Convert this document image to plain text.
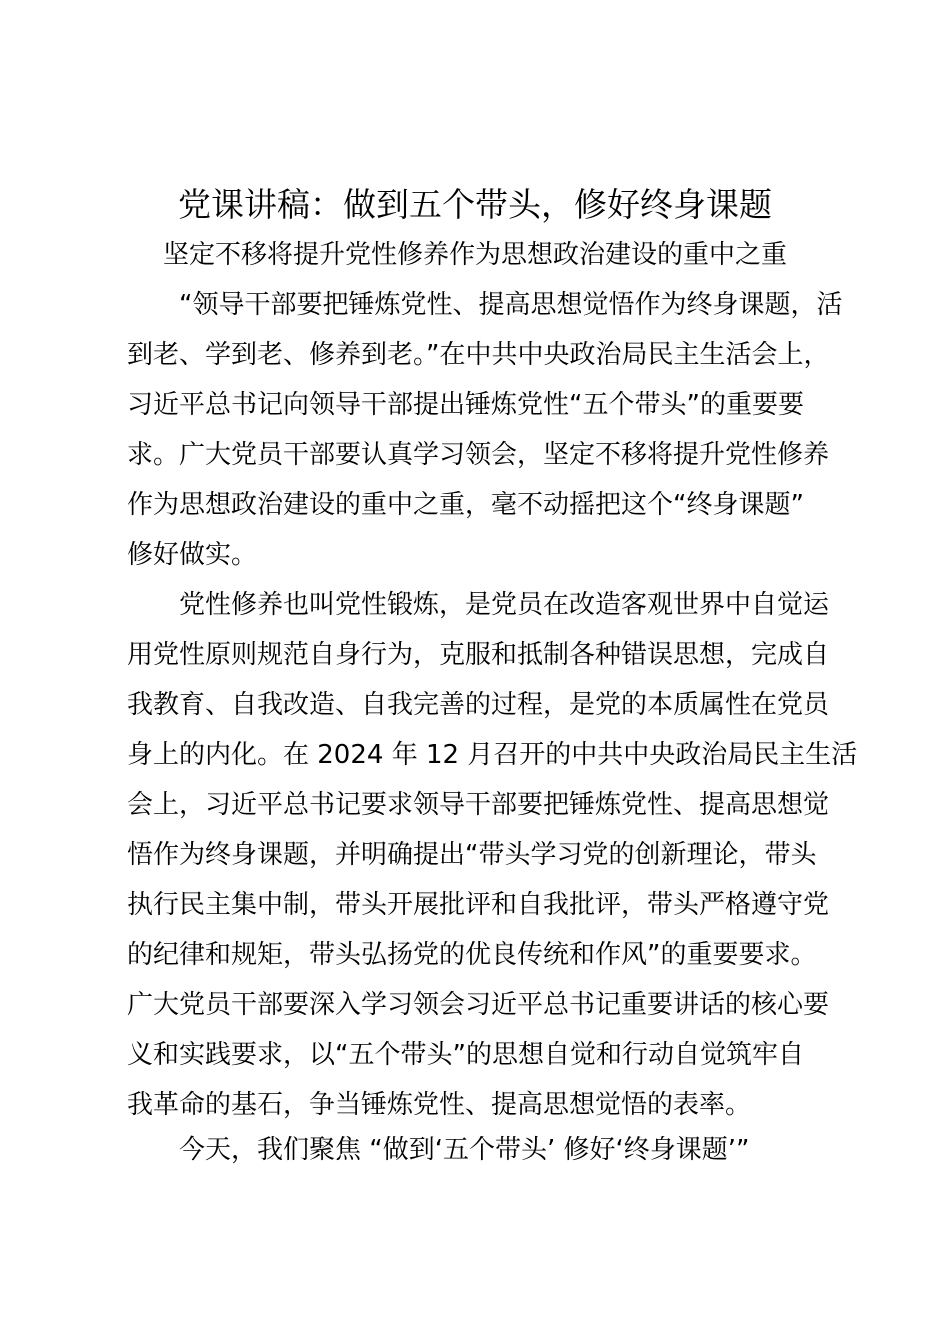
党课讲稿：做到五个带头，修好终身课题
坚定不移将提升党性修养作为思想政治建设的重中之重
“领导干部要把锤炼党性、提高思想觉悟作为终身课题，活
到老、学到老、修养到老。”在中共中央政治局民主生活会上，
习近平总书记向领导干部提出锤炼党性“五个带头”的重要要
求。广大党员干部要认真学习领会，坚定不移将提升党性修养
作为思想政治建设的重中之重，毫不动摇把这个“终身课题”
修好做实。
党性修养也叫党性锻炼，是党员在改造客观世界中自觉运
用党性原则规范自身行为，克服和抵制各种错误思想，完成自
我教育、自我改造、自我完善的过程，是党的本质属性在党员
身上的内化。在 2024 年 12 月召开的中共中央政治局民主生活
会上，习近平总书记要求领导干部要把锤炼党性、提高思想觉
悟作为终身课题，并明确提出“带头学习党的创新理论，带头
执行民主集中制，带头开展批评和自我批评，带头严格遵守党
的纪律和规矩，带头弘扬党的优良传统和作风”的重要要求。
广大党员干部要深入学习领会习近平总书记重要讲话的核心要
义和实践要求，以“五个带头”的思想自觉和行动自觉筑牢自
我革命的基石，争当锤炼党性、提高思想觉悟的表率。
今天，我们聚焦 “做到‘五个带头’ 修好‘终身课题’”
